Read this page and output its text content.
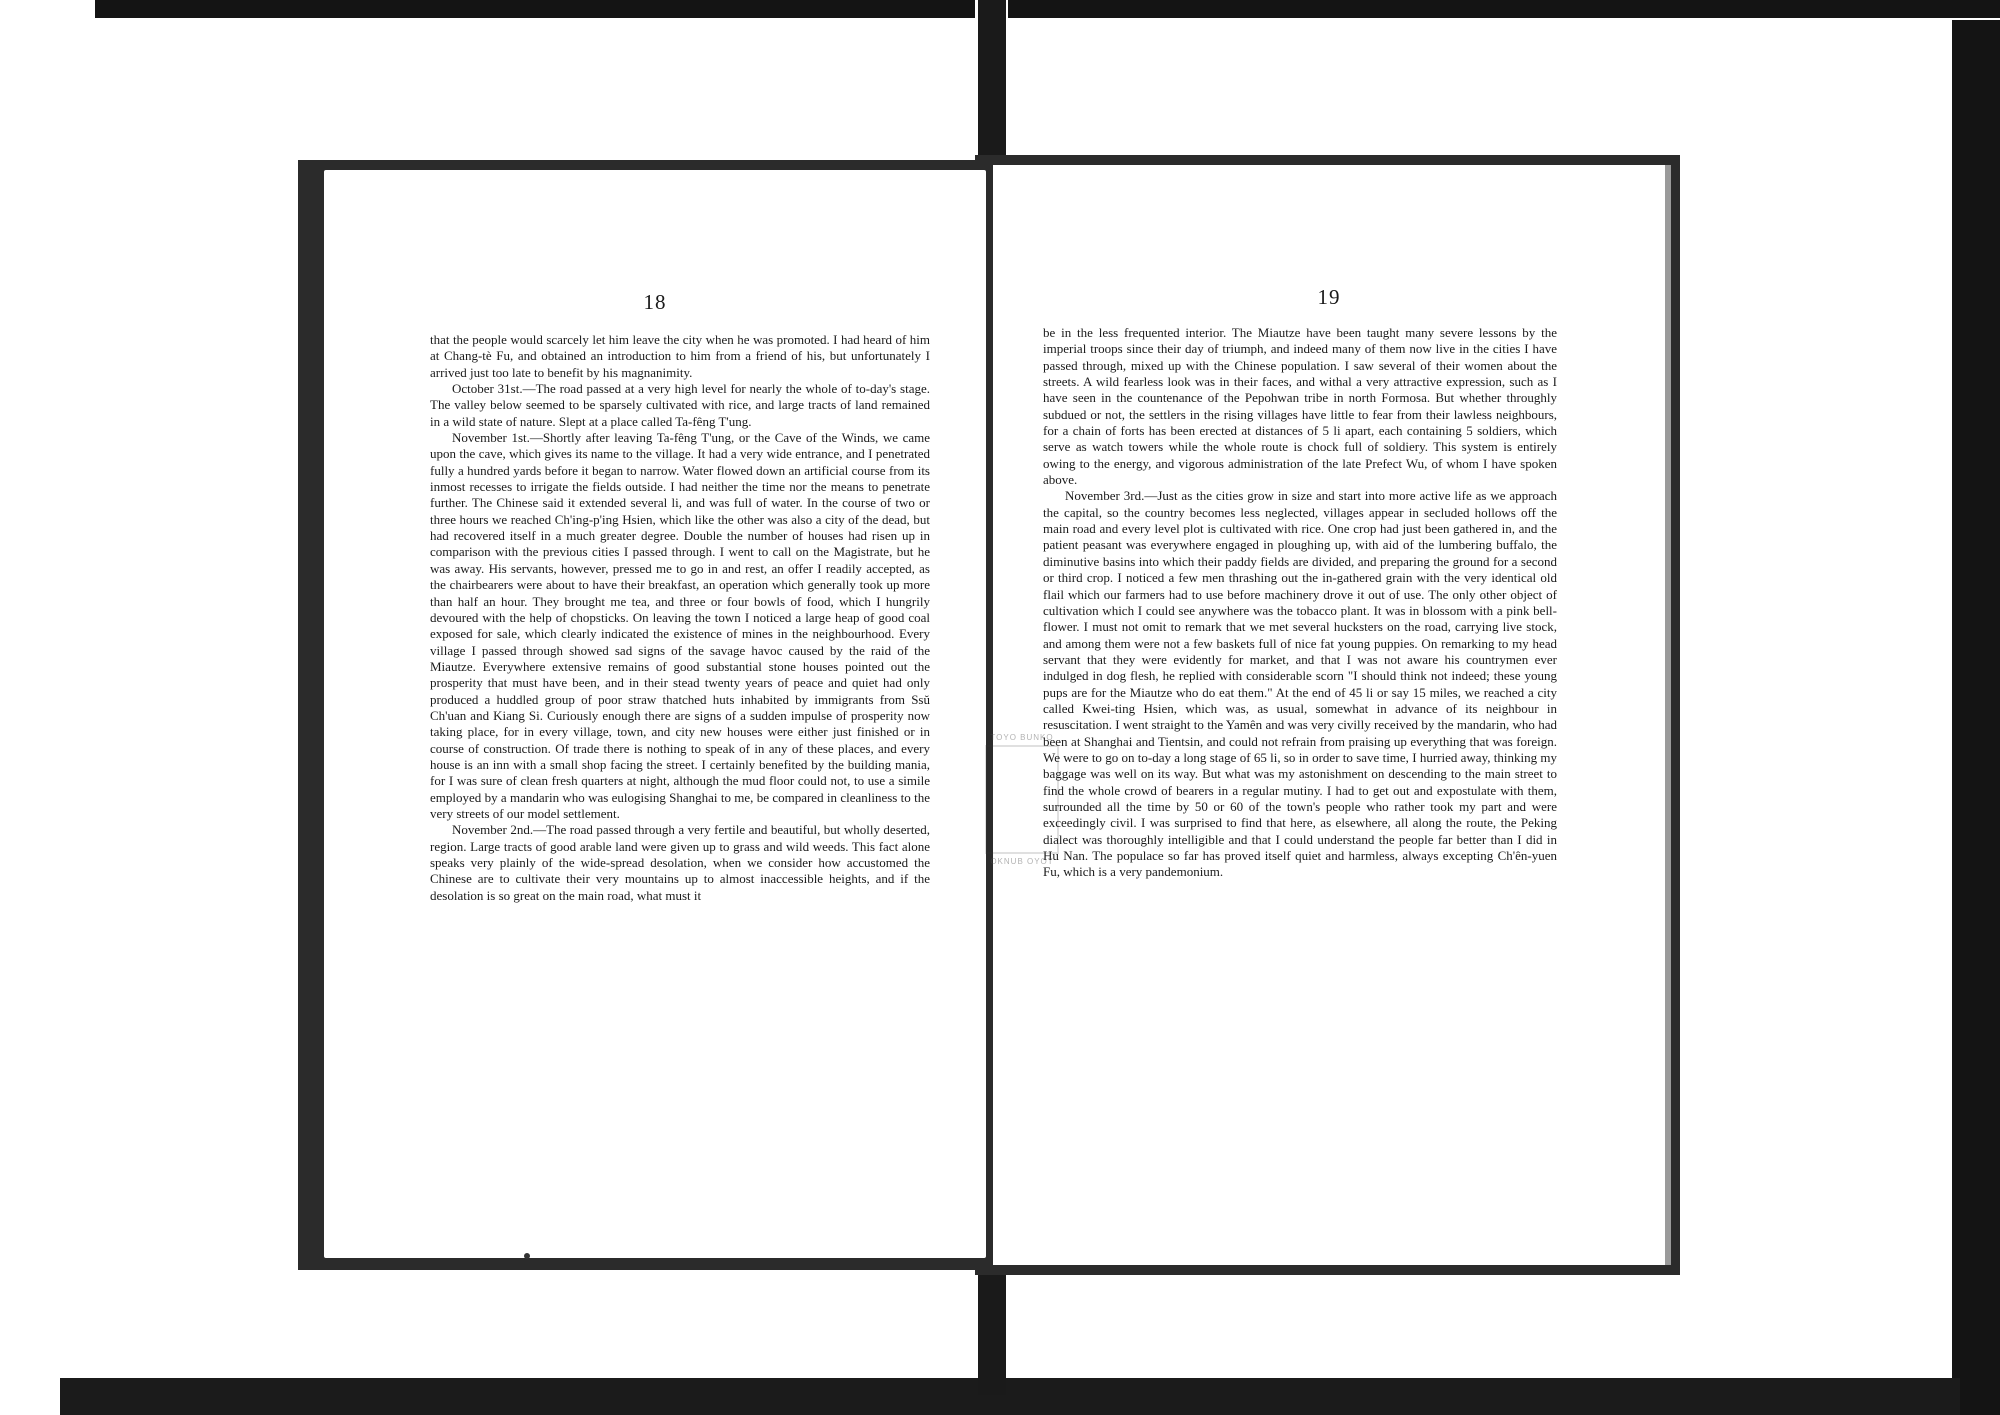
18

that the people would scarcely let him leave the city when he was promoted. I had heard of him at Chang-tè Fu, and obtained an introduction to him from a friend of his, but unfortunately I arrived just too late to benefit by his magnanimity.

October 31st.—The road passed at a very high level for nearly the whole of to-day's stage. The valley below seemed to be sparsely cultivated with rice, and large tracts of land remained in a wild state of nature. Slept at a place called Ta-fêng T'ung.

November 1st.—Shortly after leaving Ta-fêng T'ung, or the Cave of the Winds, we came upon the cave, which gives its name to the village. It had a very wide entrance, and I penetrated fully a hundred yards before it began to narrow. Water flowed down an artificial course from its inmost recesses to irrigate the fields outside. I had neither the time nor the means to penetrate further. The Chinese said it extended several li, and was full of water. In the course of two or three hours we reached Ch'ing-p'ing Hsien, which like the other was also a city of the dead, but had recovered itself in a much greater degree. Double the number of houses had risen up in comparison with the previous cities I passed through. I went to call on the Magistrate, but he was away. His servants, however, pressed me to go in and rest, an offer I readily accepted, as the chairbearers were about to have their breakfast, an operation which generally took up more than half an hour. They brought me tea, and three or four bowls of food, which I hungrily devoured with the help of chopsticks. On leaving the town I noticed a large heap of good coal exposed for sale, which clearly indicated the existence of mines in the neighbourhood. Every village I passed through showed sad signs of the savage havoc caused by the raid of the Miautze. Everywhere extensive remains of good substantial stone houses pointed out the prosperity that must have been, and in their stead twenty years of peace and quiet had only produced a huddled group of poor straw thatched huts inhabited by immigrants from Ssŭ Ch'uan and Kiang Si. Curiously enough there are signs of a sudden impulse of prosperity now taking place, for in every village, town, and city new houses were either just finished or in course of construction. Of trade there is nothing to speak of in any of these places, and every house is an inn with a small shop facing the street. I certainly benefited by the building mania, for I was sure of clean fresh quarters at night, although the mud floor could not, to use a simile employed by a mandarin who was eulogising Shanghai to me, be compared in cleanliness to the very streets of our model settlement.

November 2nd.—The road passed through a very fertile and beautiful, but wholly deserted, region. Large tracts of good arable land were given up to grass and wild weeds. This fact alone speaks very plainly of the wide-spread desolation, when we consider how accustomed the Chinese are to cultivate their very mountains up to almost inaccessible heights, and if the desolation is so great on the main road, what must it

19

be in the less frequented interior. The Miautze have been taught many severe lessons by the imperial troops since their day of triumph, and indeed many of them now live in the cities I have passed through, mixed up with the Chinese population. I saw several of their women about the streets. A wild fearless look was in their faces, and withal a very attractive expression, such as I have seen in the countenance of the Pepohwan tribe in north Formosa. But whether throughly subdued or not, the settlers in the rising villages have little to fear from their lawless neighbours, for a chain of forts has been erected at distances of 5 li apart, each containing 5 soldiers, which serve as watch towers while the whole route is chock full of soldiery. This system is entirely owing to the energy, and vigorous administration of the late Prefect Wu, of whom I have spoken above.

November 3rd.—Just as the cities grow in size and start into more active life as we approach the capital, so the country becomes less neglected, villages appear in secluded hollows off the main road and every level plot is cultivated with rice. One crop had just been gathered in, and the patient peasant was everywhere engaged in ploughing up, with aid of the lumbering buffalo, the diminutive basins into which their paddy fields are divided, and preparing the ground for a second or third crop. I noticed a few men thrashing out the in-gathered grain with the very identical old flail which our farmers had to use before machinery drove it out of use. The only other object of cultivation which I could see anywhere was the tobacco plant. It was in blossom with a pink bell-flower. I must not omit to remark that we met several hucksters on the road, carrying live stock, and among them were not a few baskets full of nice fat young puppies. On remarking to my head servant that they were evidently for market, and that I was not aware his countrymen ever indulged in dog flesh, he replied with considerable scorn "I should think not indeed; these young pups are for the Miautze who do eat them." At the end of 45 li or say 15 miles, we reached a city called Kwei-ting Hsien, which was, as usual, somewhat in advance of its neighbour in resuscitation. I went straight to the Yamên and was very civilly received by the mandarin, who had been at Shanghai and Tientsin, and could not refrain from praising up everything that was foreign. We were to go on to-day a long stage of 65 li, so in order to save time, I hurried away, thinking my baggage was well on its way. But what was my astonishment on descending to the main street to find the whole crowd of bearers in a regular mutiny. I had to get out and expostulate with them, surrounded all the time by 50 or 60 of the town's people who rather took my part and were exceedingly civil. I was surprised to find that here, as elsewhere, all along the route, the Peking dialect was thoroughly intelligible and that I could understand the people far better than I did in Hu Nan. The populace so far has proved itself quiet and harmless, always excepting Ch'ên-yuen Fu, which is a very pandemonium.

TOYO BUNKO
OKNUB OYOT
